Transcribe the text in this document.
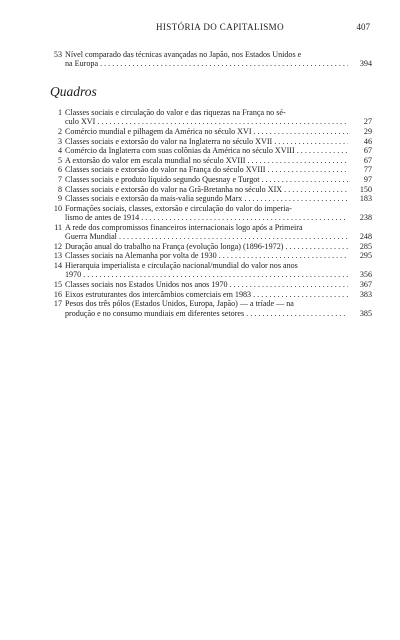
HISTÓRIA DO CAPITALISMO	407
53 Nível comparado das técnicas avançadas no Japão, nos Estados Unidos e
na Europa . . .	394
Quadros
1 Classes sociais e circulação do valor e das riquezas na França no sé-
culo XVI . . .	27
2 Comércio mundial e pilhagem da América no século XVI . . .	29
3 Classes sociais e extorsão do valor na Inglaterra no século XVII . . .	46
4 Comércio da Inglaterra com suas colônias da América no século XVIII . . .	67
5 A extorsão do valor em escala mundial no século XVIII . . .	67
6 Classes sociais e extorsão do valor na França do século XVIII . . .	77
7 Classes sociais e produto líquido segundo Quesnay e Turgot . . .	97
8 Classes sociais e extorsão do valor na Grã-Bretanha no século XIX . . .	150
9 Classes sociais e extorsão da mais-valia segundo Marx . . .	183
10 Formações sociais, classes, extorsão e circulação do valor do imperia-
lismo de antes de 1914 . . .	238
11 A rede dos compromissos financeiros internacionais logo após a Primeira
Guerra Mundial . . .	248
12 Duração anual do trabalho na França (evolução longa) (1896-1972) . . .	285
13 Classes sociais na Alemanha por volta de 1930 . . .	295
14 Hierarquia imperialista e circulação nacional/mundial do valor nos anos
1970 . . .	356
15 Classes sociais nos Estados Unidos nos anos 1970 . . .	367
16 Eixos estruturantes dos intercâmbios comerciais em 1983 . . .	383
17 Pesos dos três pólos (Estados Unidos, Europa, Japão) — a tríade — na
produção e no consumo mundiais em diferentes setores . . .	385
